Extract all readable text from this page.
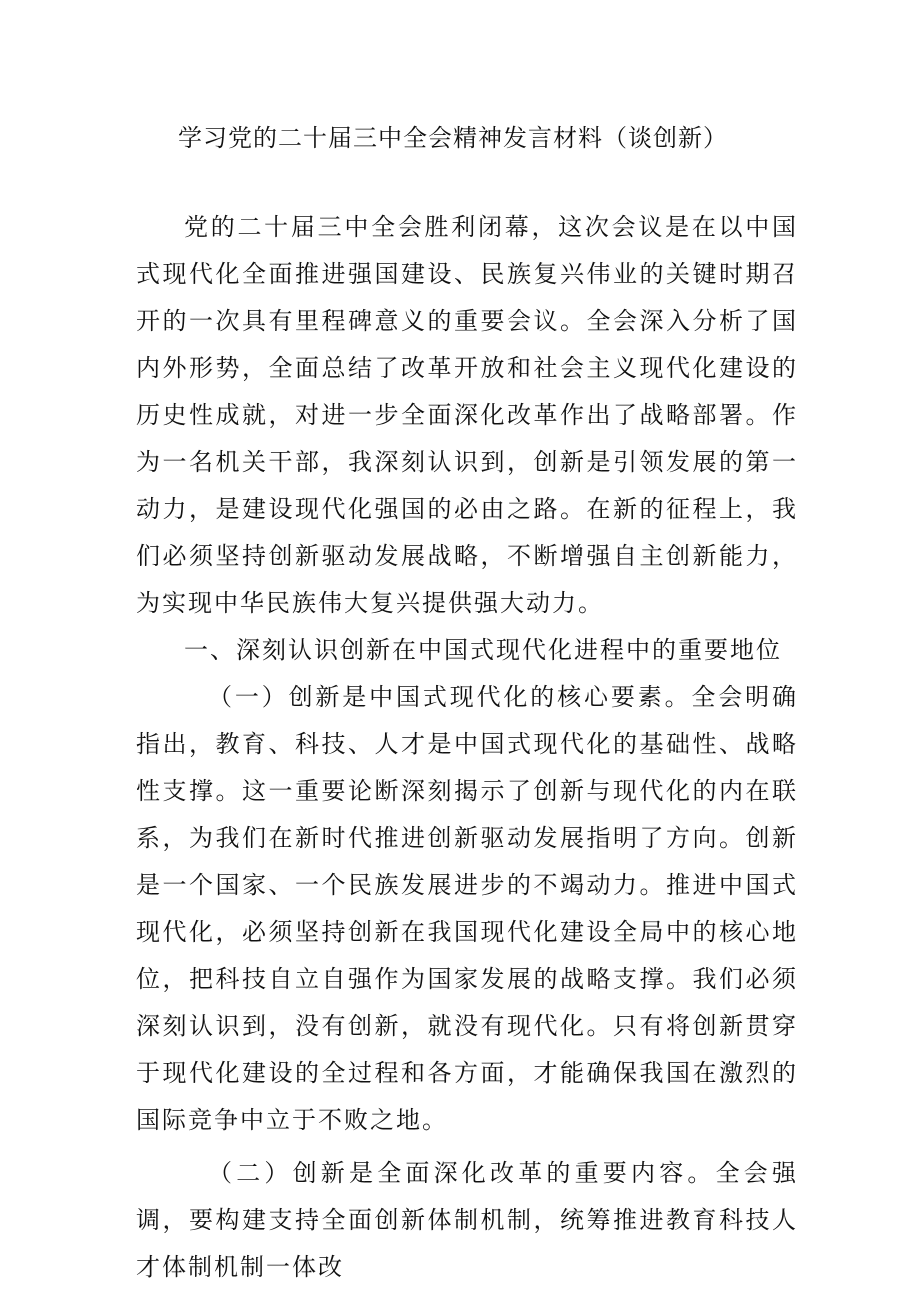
学习党的二十届三中全会精神发言材料（谈创新）

党的二十届三中全会胜利闭幕，这次会议是在以中国式现代化全面推进强国建设、民族复兴伟业的关键时期召开的一次具有里程碑意义的重要会议。全会深入分析了国内外形势，全面总结了改革开放和社会主义现代化建设的历史性成就，对进一步全面深化改革作出了战略部署。作为一名机关干部，我深刻认识到，创新是引领发展的第一动力，是建设现代化强国的必由之路。在新的征程上，我们必须坚持创新驱动发展战略，不断增强自主创新能力，为实现中华民族伟大复兴提供强大动力。

一、深刻认识创新在中国式现代化进程中的重要地位

（一）创新是中国式现代化的核心要素。全会明确指出，教育、科技、人才是中国式现代化的基础性、战略性支撑。这一重要论断深刻揭示了创新与现代化的内在联系，为我们在新时代推进创新驱动发展指明了方向。创新是一个国家、一个民族发展进步的不竭动力。推进中国式现代化，必须坚持创新在我国现代化建设全局中的核心地位，把科技自立自强作为国家发展的战略支撑。我们必须深刻认识到，没有创新，就没有现代化。只有将创新贯穿于现代化建设的全过程和各方面，才能确保我国在激烈的国际竞争中立于不败之地。

（二）创新是全面深化改革的重要内容。全会强调，要构建支持全面创新体制机制，统筹推进教育科技人才体制机制一体改
